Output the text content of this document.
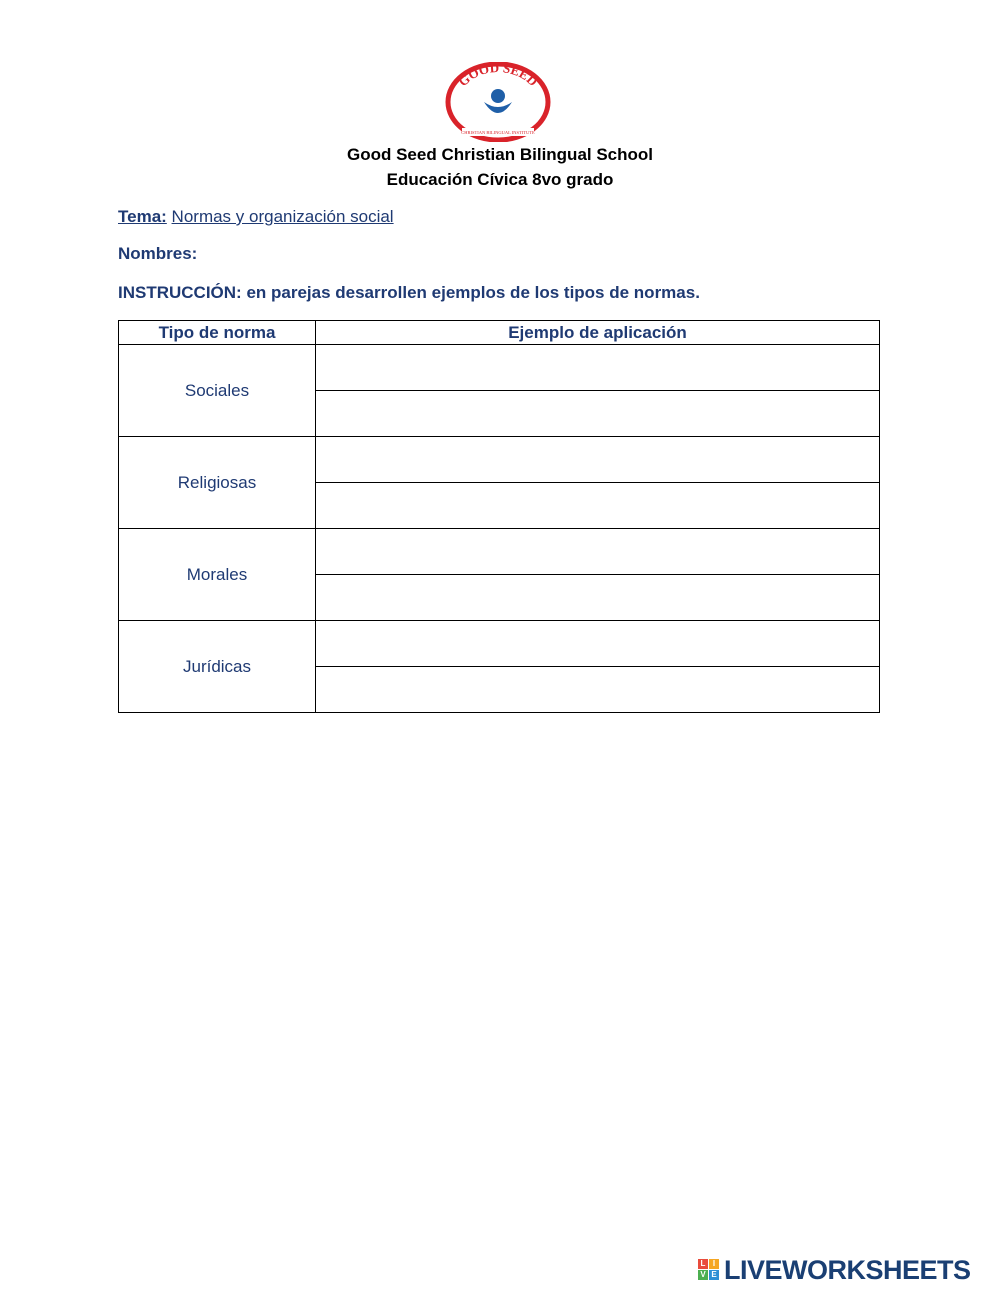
GOOD SEED
CHRISTIAN BILINGUAL INSTITUTE
Good Seed Christian Bilingual School
Educación Cívica 8vo grado
Tema: Normas y organización social
Nombres:
INSTRUCCIÓN: en parejas desarrollen ejemplos de los tipos de normas.
Tipo de norma	Ejemplo de aplicación
Sociales	

Religiosas	

Morales	

Jurídicas	

L I
V E LIVEWORKSHEETS
